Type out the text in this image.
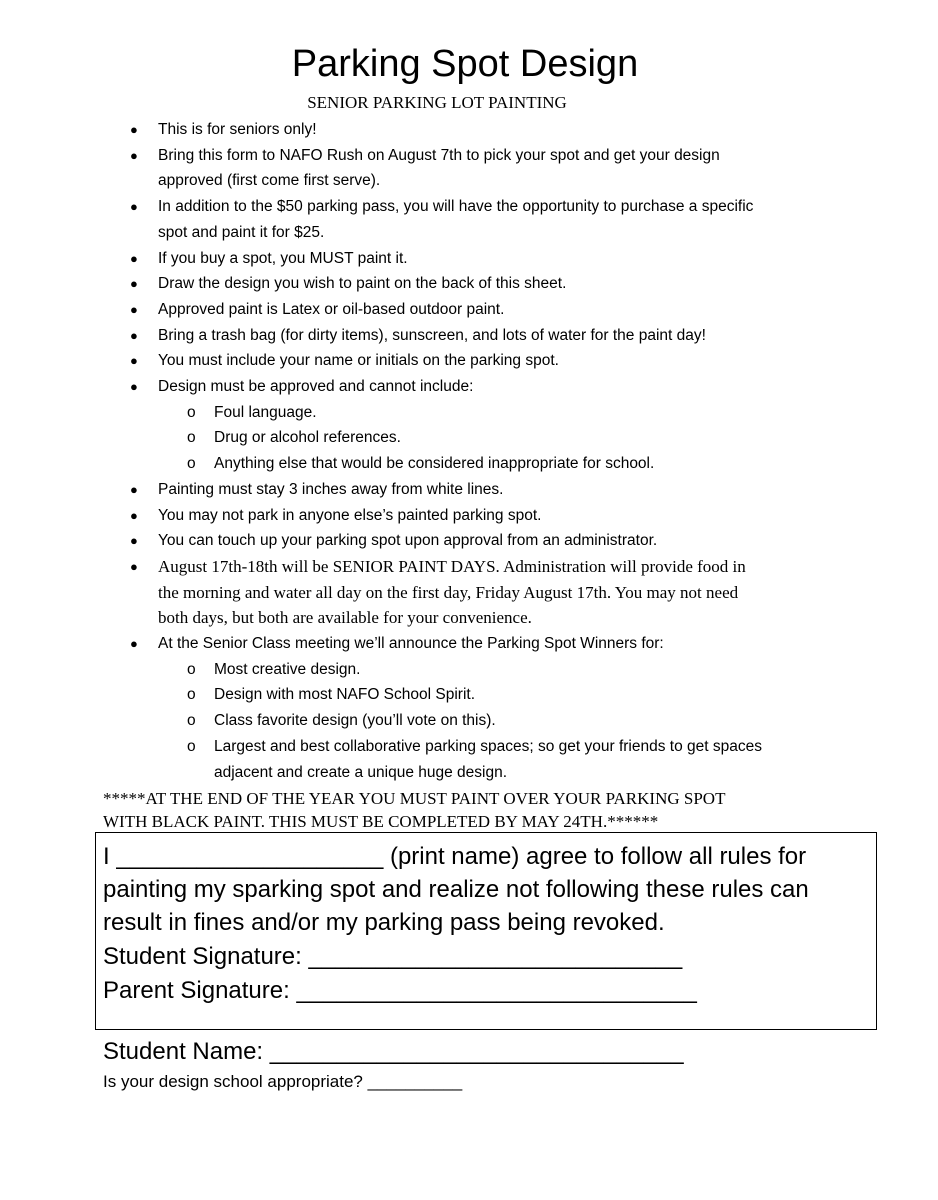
Parking Spot Design
SENIOR PARKING LOT PAINTING
● This is for seniors only!
● Bring this form to NAFO Rush on August 7th to pick your spot and get your design
approved (first come first serve).
● In addition to the $50 parking pass, you will have the opportunity to purchase a specific
spot and paint it for $25.
● If you buy a spot, you MUST paint it.
● Draw the design you wish to paint on the back of this sheet.
● Approved paint is Latex or oil-based outdoor paint.
● Bring a trash bag (for dirty items), sunscreen, and lots of water for the paint day!
● You must include your name or initials on the parking spot.
● Design must be approved and cannot include:
o Foul language.
o Drug or alcohol references.
o Anything else that would be considered inappropriate for school.
● Painting must stay 3 inches away from white lines.
● You may not park in anyone else’s painted parking spot.
● You can touch up your parking spot upon approval from an administrator.
● August 17th-18th will be SENIOR PAINT DAYS. Administration will provide food in
the morning and water all day on the first day, Friday August 17th. You may not need
both days, but both are available for your convenience.
● At the Senior Class meeting we’ll announce the Parking Spot Winners for:
o Most creative design.
o Design with most NAFO School Spirit.
o Class favorite design (you’ll vote on this).
o Largest and best collaborative parking spaces; so get your friends to get spaces
adjacent and create a unique huge design.
*****AT THE END OF THE YEAR YOU MUST PAINT OVER YOUR PARKING SPOT
WITH BLACK PAINT. THIS MUST BE COMPLETED BY MAY 24TH.******
I ____________________ (print name) agree to follow all rules for
painting my sparking spot and realize not following these rules can
result in fines and/or my parking pass being revoked.
Student Signature: ____________________________
Parent Signature: ______________________________
Student Name: _______________________________
Is your design school appropriate? __________
